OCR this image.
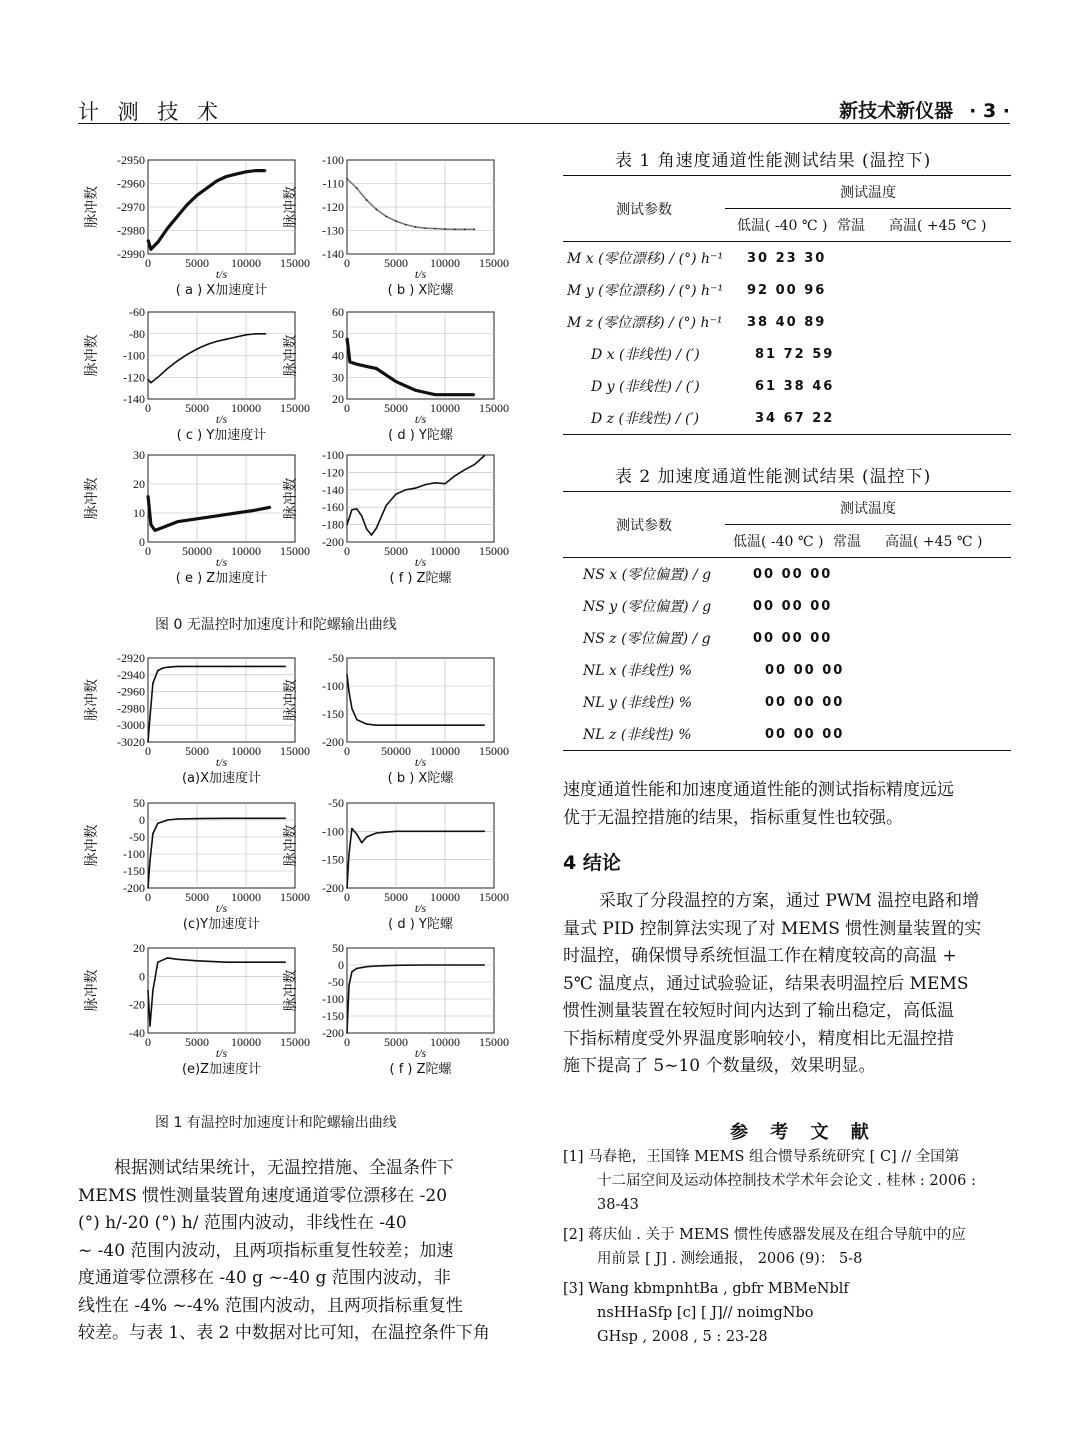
计 测 技 术	新技术新仪器 · 3 ·
-2950
-2960
-2970
-2980
-2990
0	5000 10000 15000
脉冲数
t/s
( a ) X加速度计
-100
-110
-120
-130
-140
0	5000 10000 15000
脉冲数
t/s
( b ) X陀螺
-60
-80
-100
-120
-140
0	5000 10000 15000
脉冲数
t/s
( c ) Y加速度计
60
50
40
30
20
0	5000 10000 15000
脉冲数
t/s
( d ) Y陀螺
30
20
10
0
0	50000 10000 15000
脉冲数
t/s
( e ) Z加速度计
-100
-120
-140
-160
-180
-200
0	5000 10000 15000
脉冲数
t/s
( f ) Z陀螺
-2920
-2940
-2960
-2980
-3000
-3020
0	5000 10000 15000
脉冲数
t/s
(a)X加速度计
-50
-100
-150
-200
0	50000 10000 15000
脉冲数
t/s
( b ) X陀螺
50
0
-50
-100
-150
-200
0	5000 10000 15000
脉冲数
t/s
(c)Y加速度计
-50
-100
-150
-200
0	5000 10000 15000
脉冲数
t/s
( d ) Y陀螺
20
0
-20
-40
0	5000 10000 15000
脉冲数
t/s
(e)Z加速度计
50
0
-50
-100
-150
-200
0	5000 10000 15000
脉冲数
t/s
( f ) Z陀螺
图 0 无温控时加速度计和陀螺输出曲线
图 1 有温控时加速度计和陀螺输出曲线

根据测试结果统计，无温控措施、全温条件下

MEMS 惯性测量装置角速度通道零位漂移在 -20

(°) h/-20 (°) h/ 范围内波动，非线性在 -40

~ -40 范围内波动，且两项指标重复性较差；加速

度通道零位漂移在 -40 g ~-40 g 范围内波动，非

线性在 -4% ~-4% 范围内波动，且两项指标重复性

较差。与表 1、表 2 中数据对比可知，在温控条件下角

表 1 角速度通道性能测试结果 (温控下)
测试参数	测试温度		
	低温( -40 ℃ )	常温	高温( +45 ℃ )
M x (零位漂移) / (°) h⁻¹	30 23 30		
M y (零位漂移) / (°) h⁻¹	92 00 96		
M z (零位漂移) / (°) h⁻¹	38 40 89		
D x (非线性) / (′)	81 72 59		
D y (非线性) / (′)	61 38 46		
D z (非线性) / (′)	34 67 22		
表 2 加速度通道性能测试结果 (温控下)
测试参数	测试温度		
	低温( -40 ℃ )	常温	高温( +45 ℃ )
NS x (零位偏置) / g	00 00 00		
NS y (零位偏置) / g	00 00 00		
NS z (零位偏置) / g	00 00 00		
NL x (非线性) %	00 00 00		
NL y (非线性) %	00 00 00		
NL z (非线性) %	00 00 00		

速度通道性能和加速度通道性能的测试指标精度远远

优于无温控措施的结果，指标重复性也较强。

4 结论

采取了分段温控的方案，通过 PWM 温控电路和增

量式 PID 控制算法实现了对 MEMS 惯性测量装置的实

时温控，确保惯导系统恒温工作在精度较高的高温 +

5℃ 温度点，通过试验验证，结果表明温控后 MEMS

惯性测量装置在较短时间内达到了输出稳定，高低温

下指标精度受外界温度影响较小，精度相比无温控措

施下提高了 5~10 个数量级，效果明显。

参 考 文 献
[1] 马春艳，王国锋 MEMS 组合惯导系统研究 [ C] // 全国第
十二届空间及运动体控制技术学术年会论文 . 桂林 : 2006 :
38-43
[2] 蒋庆仙 . 关于 MEMS 惯性传感器发展及在组合导航中的应
用前景 [ J] . 测绘通报， 2006 (9)： 5-8
[3] Wang kbmpnhtBa , gbfr MBMeNblf
nsHHaSfp [c] [ J]// noimgNbo
GHsp , 2008 , 5 : 23-28
